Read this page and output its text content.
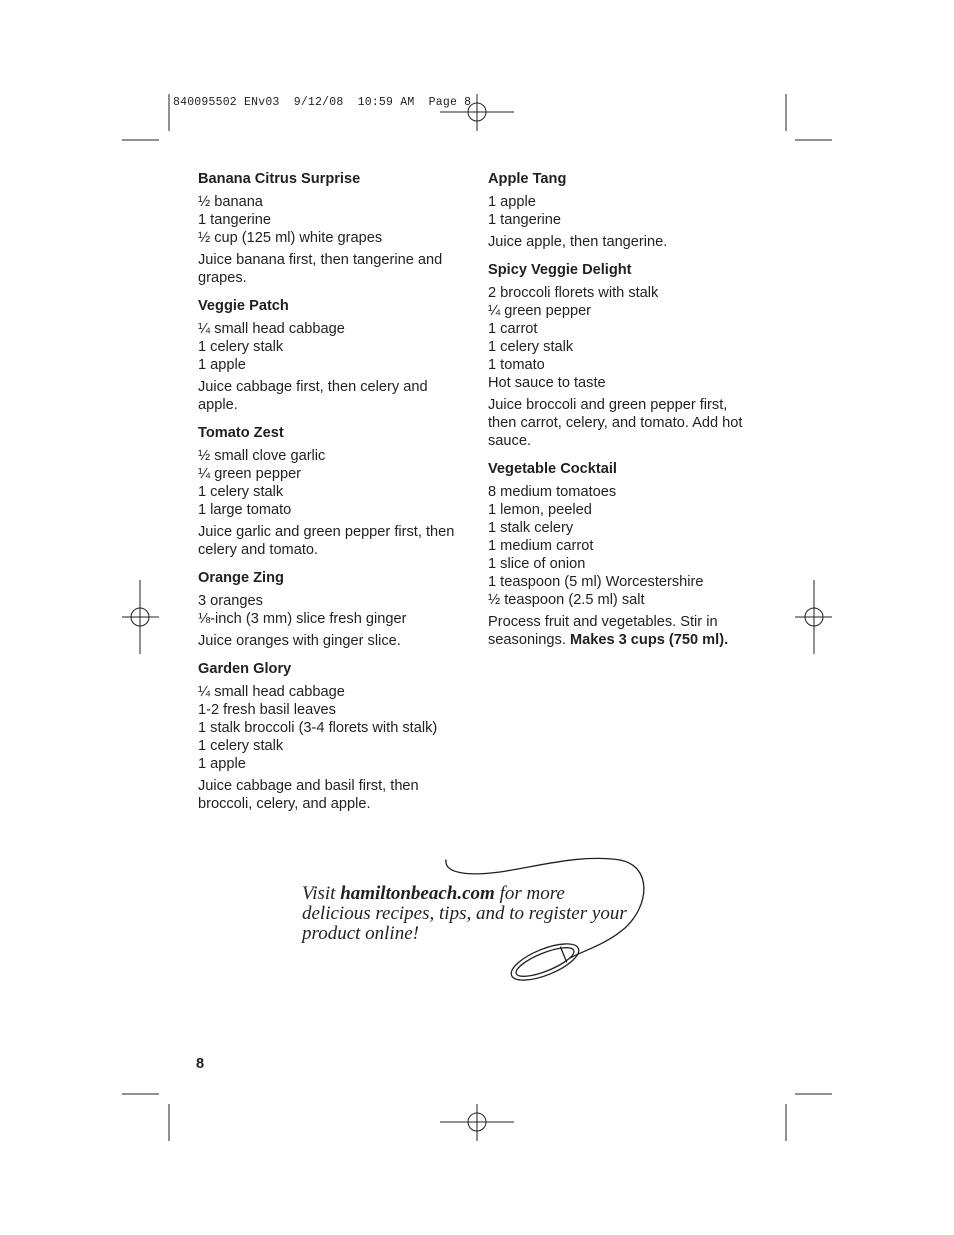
840095502 ENv03  9/12/08  10:59 AM  Page 8
Banana Citrus Surprise
½ banana
1 tangerine
½ cup (125 ml) white grapes

Juice banana first, then tangerine and grapes.

Veggie Patch
¼ small head cabbage
1 celery stalk
1 apple

Juice cabbage first, then celery and apple.

Tomato Zest
½ small clove garlic
¼ green pepper
1 celery stalk
1 large tomato

Juice garlic and green pepper first, then celery and tomato.

Orange Zing
3 oranges
⅛-inch (3 mm) slice fresh ginger

Juice oranges with ginger slice.

Garden Glory
¼ small head cabbage
1-2 fresh basil leaves
1 stalk broccoli (3-4 florets with stalk)
1 celery stalk
1 apple

Juice cabbage and basil first, then broccoli, celery, and apple.

Apple Tang
1 apple
1 tangerine

Juice apple, then tangerine.

Spicy Veggie Delight
2 broccoli florets with stalk
¼ green pepper
1 carrot
1 celery stalk
1 tomato
Hot sauce to taste

Juice broccoli and green pepper first, then carrot, celery, and tomato. Add hot sauce.

Vegetable Cocktail
8 medium tomatoes
1 lemon, peeled
1 stalk celery
1 medium carrot
1 slice of onion
1 teaspoon (5 ml) Worcestershire
½ teaspoon (2.5 ml) salt

Process fruit and vegetables. Stir in seasonings. Makes 3 cups (750 ml).

Visit hamiltonbeach.com for more delicious recipes, tips, and to register your product online!
8
